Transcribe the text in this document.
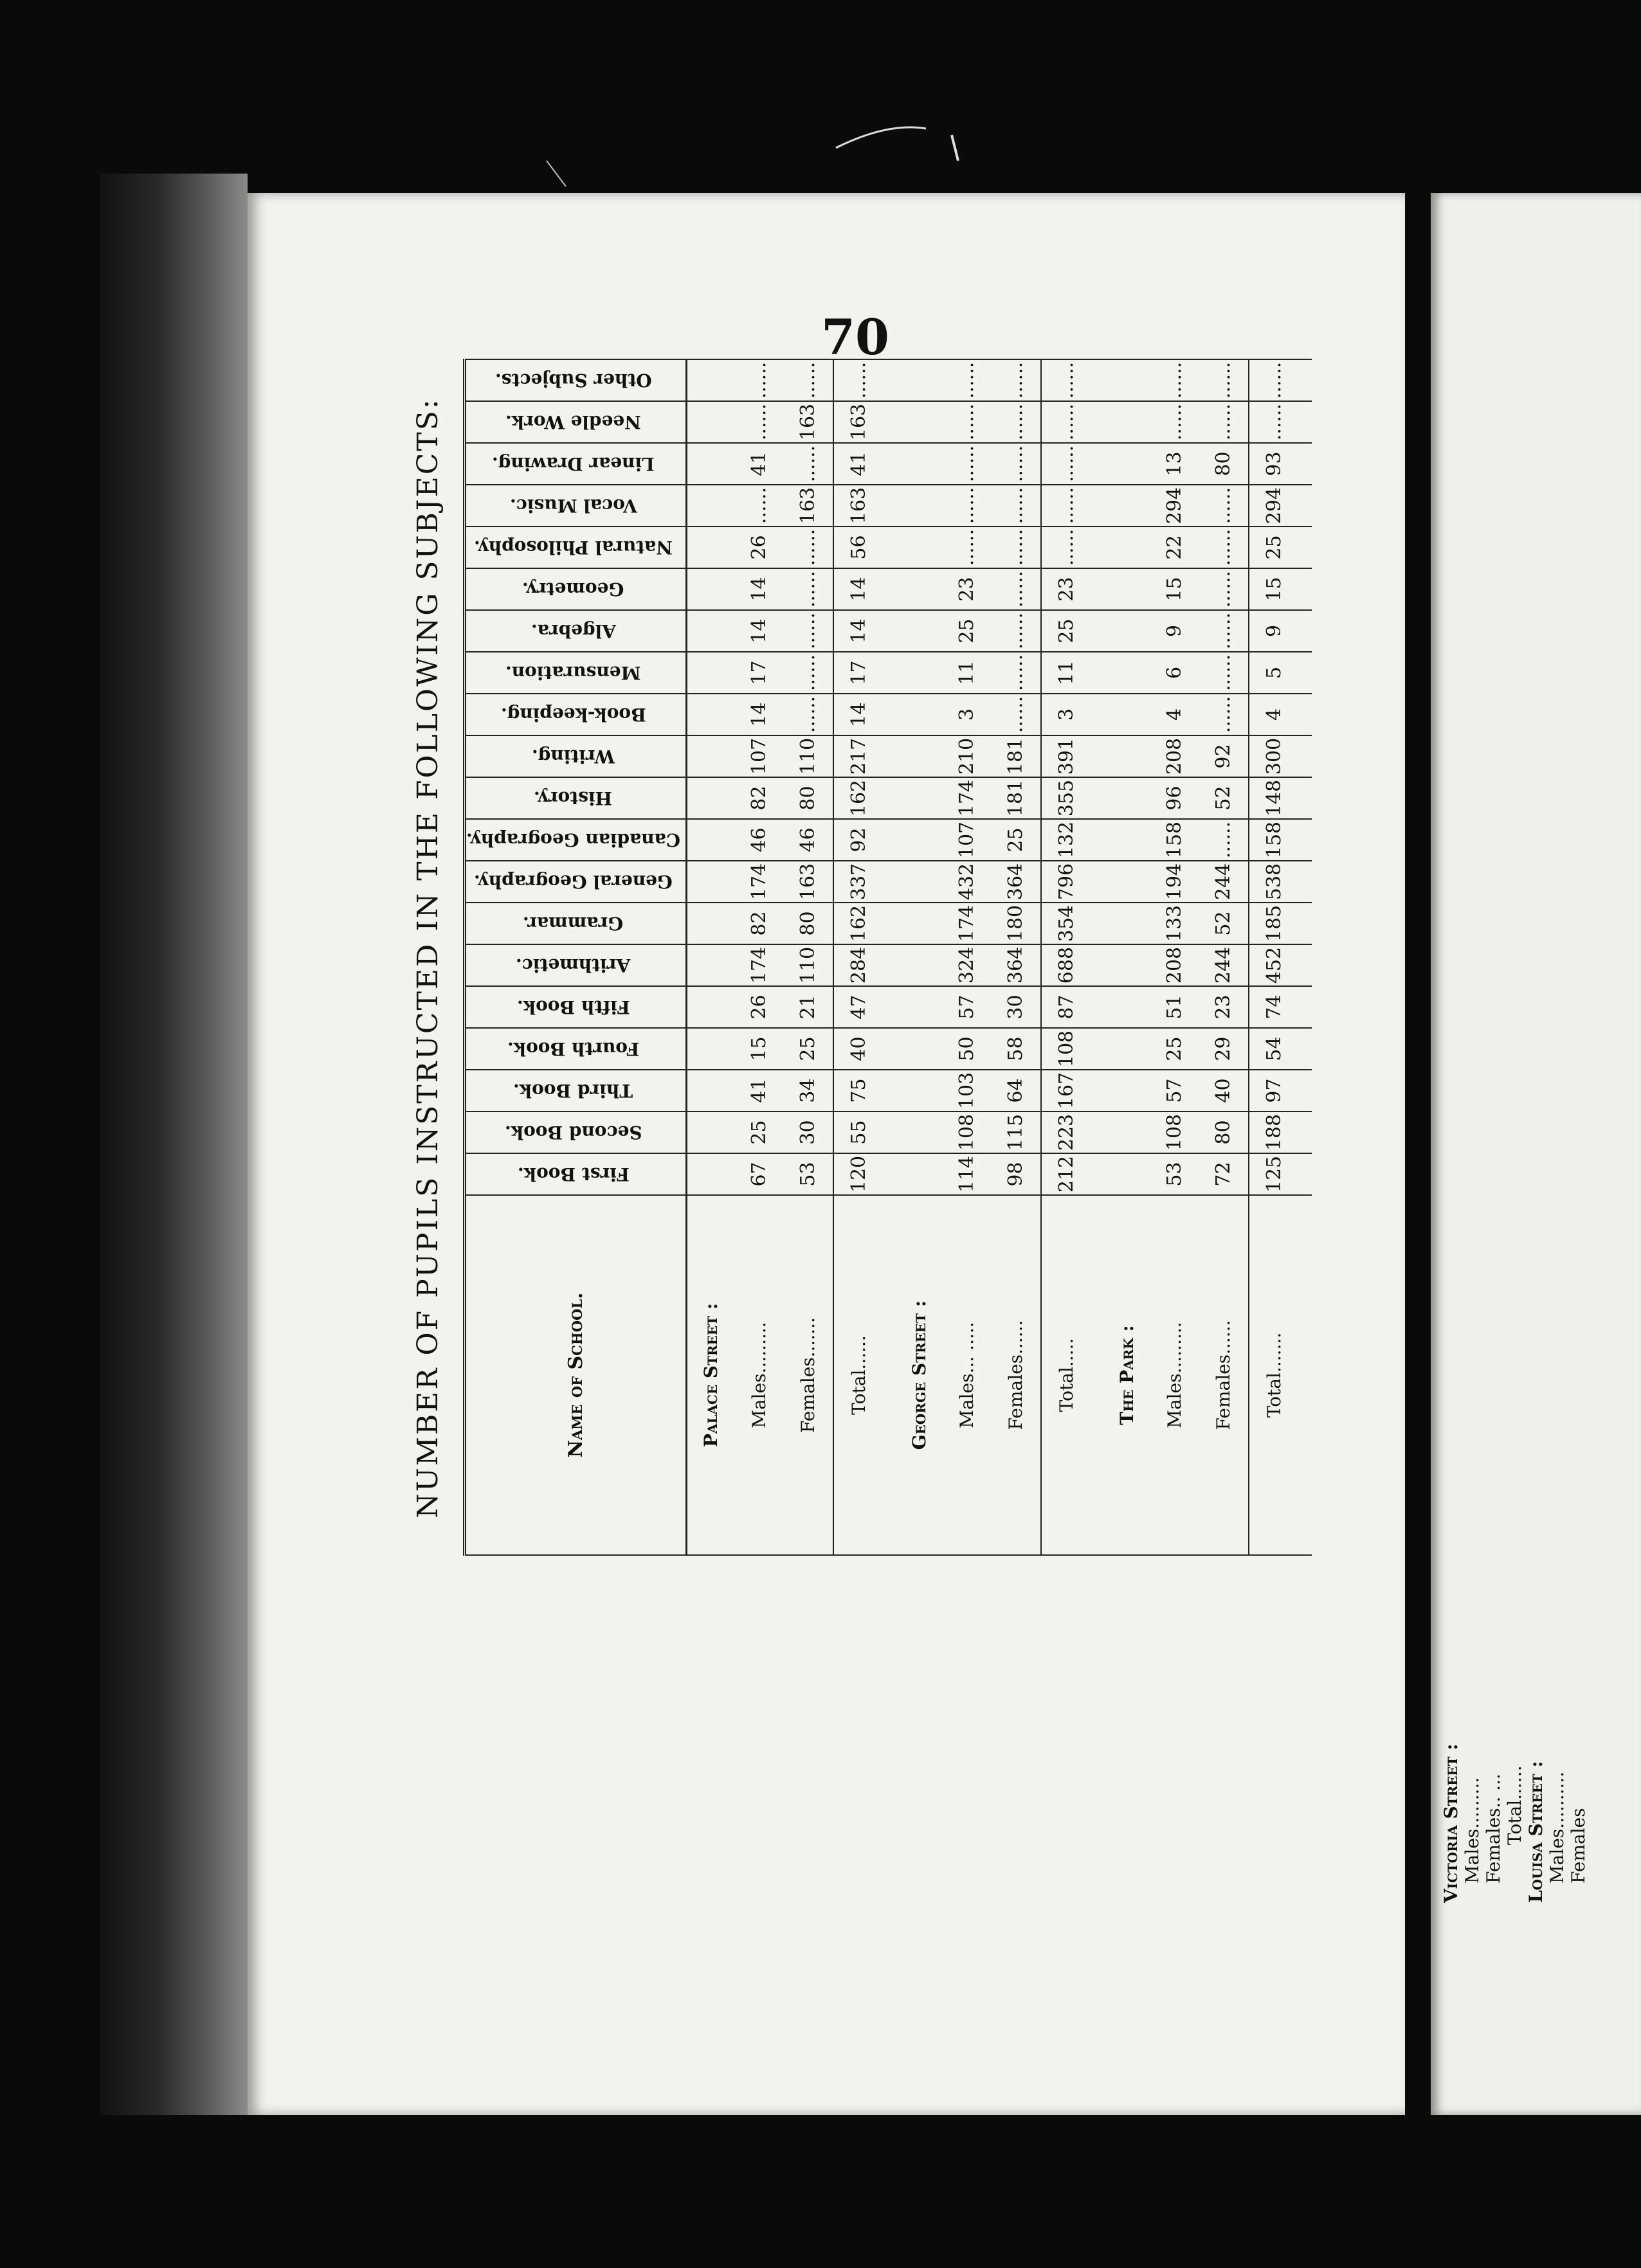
70
NUMBER OF PUPILS INSTRUCTED IN THE FOLLOWING SUBJECTS:	Name of School.	First Book.	Second Book.	Third Book.	Fourth Book.	Fifth Book.	Arithmetic.	Grammar.	General Geography.	Canadian Geography.	History.	Writing.	Book-keeping.	Mensuration.	Algebra.	Geometry.	Natural Philosophy.	Vocal Music.	Linear Drawing.	Needle Work.	Other Subjects.
Palace Street :																				
Males.........	67	25	41	15	26	174	82	174	46	82	107	14	17	14	14	26	......	41	......	......
Females.......	53	30	34	25	21	110	80	163	46	80	110	......	......	......	......	......	163	......	163	......
Total......	120	55	75	40	47	284	162	337	92	162	217	14	17	14	14	56	163	41	163	......

George Street :																				
Males... .....	114	108	103	50	57	324	174	432	107	174	210	3	11	25	23	......	......	......	......	......
Females......	98	115	64	58	30	364	180	364	25	181	181	......	......	......	......	......	......	......	......	......
Total.....	212	223	167	108	87	688	354	796	132	355	391	3	11	25	23	......	......	......	......	......

The Park :																				
Males.........	53	108	57	25	51	208	133	194	158	96	208	4	6	9	15	22	294	13	......	......
Females......	72	80	40	29	23	244	52	244	......	52	92	......	......	......	......	......	......	80	......	......
Total.......	125	188	97	54	74	452	185	538	158	148	300	4	5	9	15	25	294	93	......	......

Victoria Street : Males......... Females.. ... Total...... Louisa Street : Males.......... Females
